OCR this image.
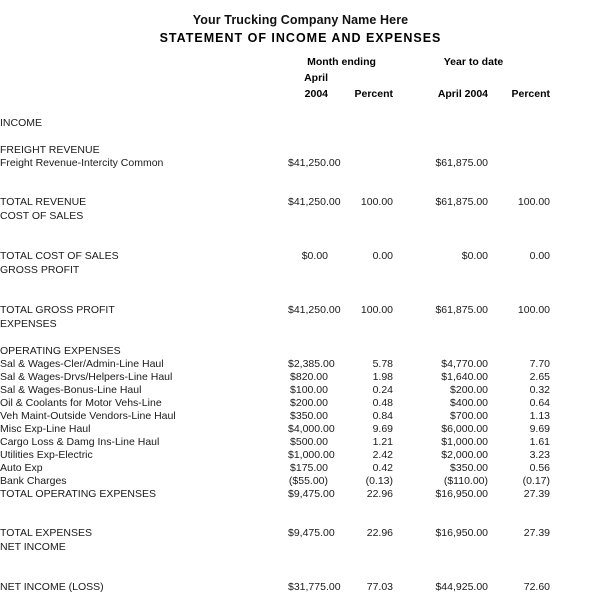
Your Trucking Company Name Here
STATEMENT OF INCOME AND EXPENSES
	Month ending		Year to date		
	April 2004	Percent	April 2004	Percent	

INCOME					

FREIGHT REVENUE					
Freight Revenue-Intercity Common	$41,250.00		$61,875.00		

TOTAL REVENUE	$41,250.00	100.00	$61,875.00	100.00	
COST OF SALES					

TOTAL COST OF SALES	$0.00	0.00	$0.00	0.00	
GROSS PROFIT					

TOTAL GROSS PROFIT	$41,250.00	100.00	$61,875.00	100.00	
EXPENSES					

OPERATING EXPENSES					
Sal & Wages-Cler/Admin-Line Haul	$2,385.00	5.78	$4,770.00	7.70	
Sal & Wages-Drvs/Helpers-Line Haul	$820.00	1.98	$1,640.00	2.65	
Sal & Wages-Bonus-Line Haul	$100.00	0.24	$200.00	0.32	
Oil & Coolants for Motor Vehs-Line	$200.00	0.48	$400.00	0.64	
Veh Maint-Outside Vendors-Line Haul	$350.00	0.84	$700.00	1.13	
Misc Exp-Line Haul	$4,000.00	9.69	$6,000.00	9.69	
Cargo Loss & Damg Ins-Line Haul	$500.00	1.21	$1,000.00	1.61	
Utilities Exp-Electric	$1,000.00	2.42	$2,000.00	3.23	
Auto Exp	$175.00	0.42	$350.00	0.56	
Bank Charges	($55.00)	(0.13)	($110.00)	(0.17)	
TOTAL OPERATING EXPENSES	$9,475.00	22.96	$16,950.00	27.39	

TOTAL EXPENSES	$9,475.00	22.96	$16,950.00	27.39	
NET INCOME					

NET INCOME (LOSS)	$31,775.00	77.03	$44,925.00	72.60	
